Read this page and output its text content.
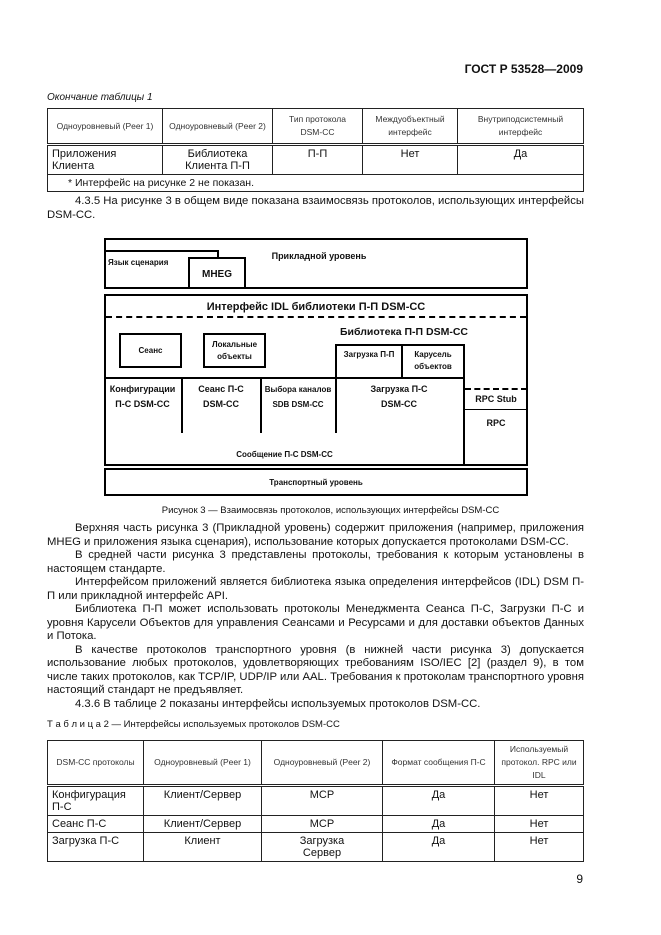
ГОСТ Р 53528—2009
Окончание таблицы 1
Одноуровневый (Peer 1)	Одноуровневый (Peer 2)	Тип протокола DSM-CC	Междуобъектный интерфейс	Внутриподсистемный интерфейс
Приложения Клиента	Библиотека Клиента П-П	П-П	Нет	Да
* Интерфейс на рисунке 2 не показан.				

4.3.5 На рисунке 3 в общем виде показана взаимосвязь протоколов, использующих интерфейсы DSM-CC.

Прикладной уровень
Язык сценария
MHEG
Интерфейс IDL библиотеки П-П DSM-CC
Библиотека П-П DSM-CC
Сеанс
Локальные объекты	Загрузка П-П	Карусель объектов
Конфигурации П-С DSM-CC
Сеанс П-С DSM-CC
Выбора каналов SDB DSM-CC
Загрузка П-С DSM-CC	RPC Stub
RPC
Сообщение П-С DSM-CC
Транспортный уровень
Рисунок 3 — Взаимосвязь протоколов, использующих интерфейсы DSM-CC

Верхняя часть рисунка 3 (Прикладной уровень) содержит приложения (например, приложения MHEG и приложения языка сценария), использование которых допускается протоколами DSM-CC.

В средней части рисунка 3 представлены протоколы, требования к которым установлены в настоящем стандарте.

Интерфейсом приложений является библиотека языка определения интерфейсов (IDL) DSM П-П или прикладной интерфейс API.

Библиотека П-П может использовать протоколы Менеджмента Сеанса П-С, Загрузки П-С и уровня Карусели Объектов для управления Сеансами и Ресурсами и для доставки объектов Данных и Потока.

В качестве протоколов транспортного уровня (в нижней части рисунка 3) допускается использование любых протоколов, удовлетворяющих требованиям ISO/IEC [2] (раздел 9), в том числе таких протоколов, как TCP/IP, UDP/IP или AAL. Требования к протоколам транспортного уровня настоящий стандарт не предъявляет.

4.3.6 В таблице 2 показаны интерфейсы используемых протоколов DSM-CC.

Т а б л и ц а 2 — Интерфейсы используемых протоколов DSM-CC
DSM-CC протоколы	Одноуровневый (Peer 1)	Одноуровневый (Peer 2)	Формат сообщения П-С	Используемый протокол. RPC или IDL
Конфигурация П-С	Клиент/Сервер	MCP	Да	Нет
Сеанс П-С	Клиент/Сервер	MCP	Да	Нет
Загрузка П-С	Клиент	Загрузка Сервер	Да	Нет
9
